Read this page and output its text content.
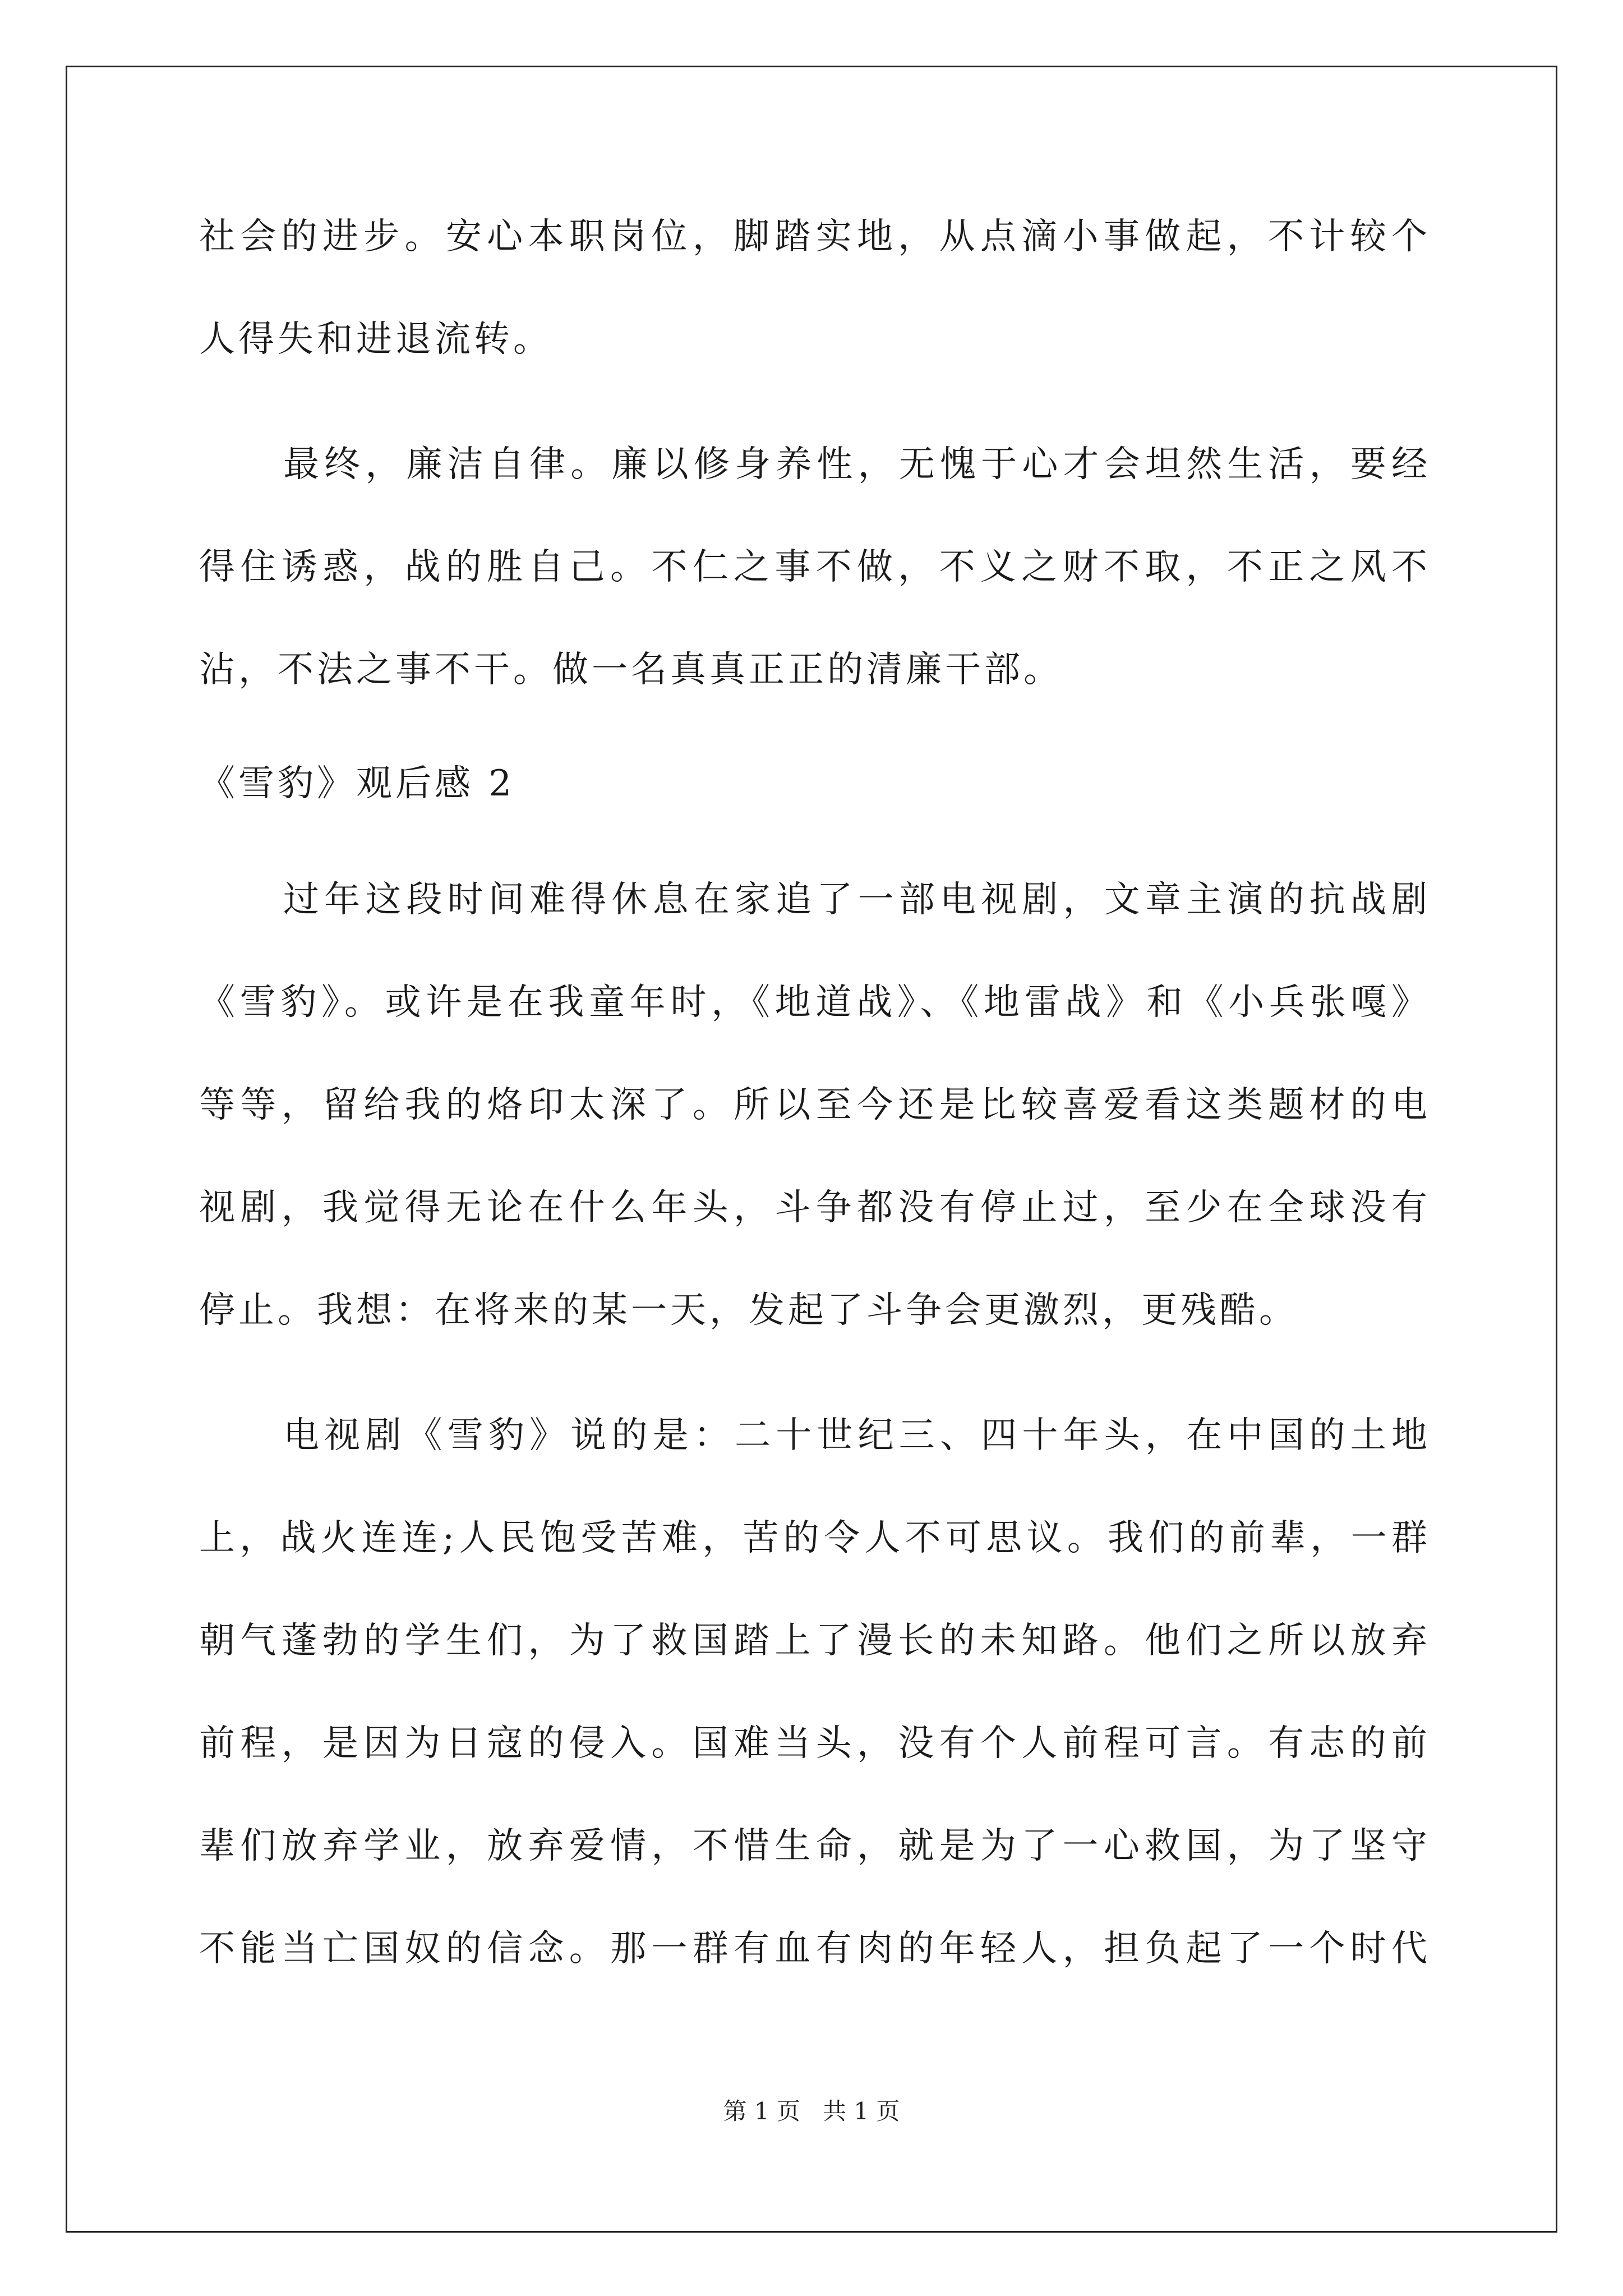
社会的进步。安心本职岗位，脚踏实地，从点滴小事做起，不计较个
人得失和进退流转。
最终，廉洁自律。廉以修身养性，无愧于心才会坦然生活，要经
得住诱惑，战的胜自己。不仁之事不做，不义之财不取，不正之风不
沾，不法之事不干。做一名真真正正的清廉干部。
《雪豹》观后感 2
过年这段时间难得休息在家追了一部电视剧，文章主演的抗战剧
《雪豹》。或许是在我童年时，《地道战》、《地雷战》和《小兵张嘎》
等等，留给我的烙印太深了。所以至今还是比较喜爱看这类题材的电
视剧，我觉得无论在什么年头，斗争都没有停止过，至少在全球没有
停止。我想：在将来的某一天，发起了斗争会更激烈，更残酷。
电视剧《雪豹》说的是：二十世纪三、四十年头，在中国的土地
上，战火连连;人民饱受苦难，苦的令人不可思议。我们的前辈，一群
朝气蓬勃的学生们，为了救国踏上了漫长的未知路。他们之所以放弃
前程，是因为日寇的侵入。国难当头，没有个人前程可言。有志的前
辈们放弃学业，放弃爱情，不惜生命，就是为了一心救国，为了坚守
不能当亡国奴的信念。那一群有血有肉的年轻人，担负起了一个时代
第 1 页 共 1 页
